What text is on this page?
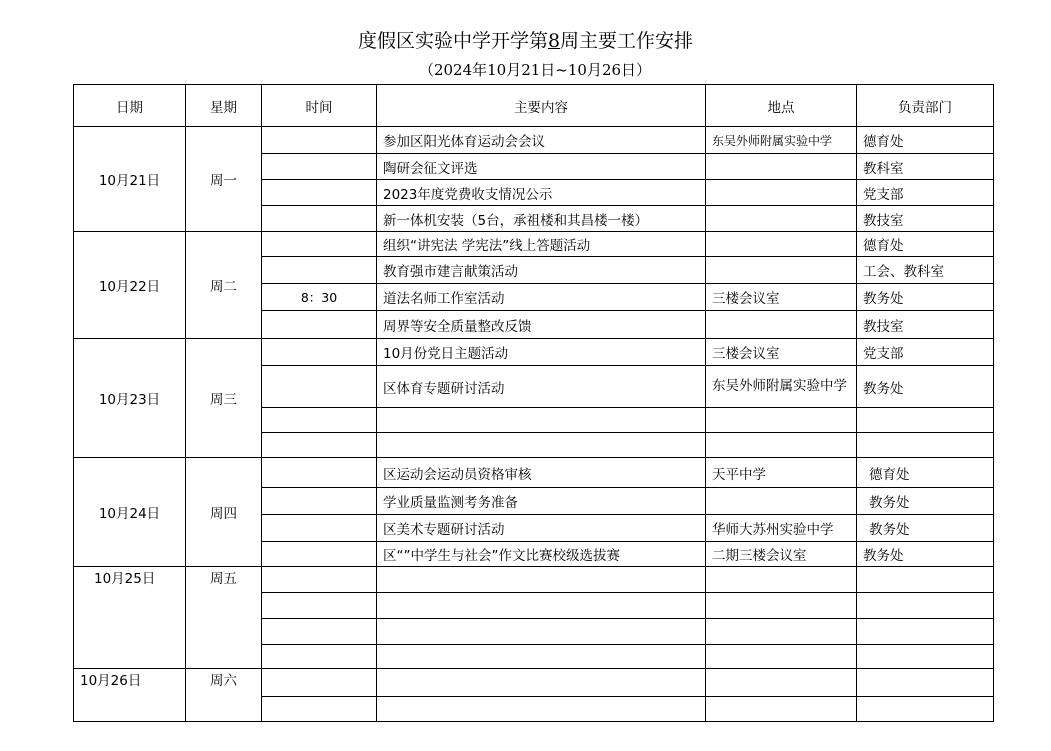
度假区实验中学开学第8周主要工作安排
（2024年10月21日~10月26日）
日期	星期	时间	主要内容	地点	负责部门
10月21日	周一		参加区阳光体育运动会会议	东吴外师附属实验中学	德育处
			陶研会征文评选		教科室
			2023年度党费收支情况公示		党支部
			新一体机安装（5台，承祖楼和其昌楼一楼）		教技室
10月22日	周二		组织“讲宪法 学宪法”线上答题活动		德育处
			教育强市建言献策活动		工会、教科室
		8：30	道法名师工作室活动	三楼会议室	教务处
			周界等安全质量整改反馈		教技室
10月23日	周三		10月份党日主题活动	三楼会议室	党支部
			区体育专题研讨活动	东吴外师附属实验中学	教务处

10月24日	周四		区运动会运动员资格审核	天平中学	德育处
			学业质量监测考务准备		教务处
			区美术专题研讨活动	华师大苏州实验中学	教务处
			区“”中学生与社会”作文比赛校级选拔赛	二期三楼会议室	教务处
10月25日	周五				

10月26日	周六				
